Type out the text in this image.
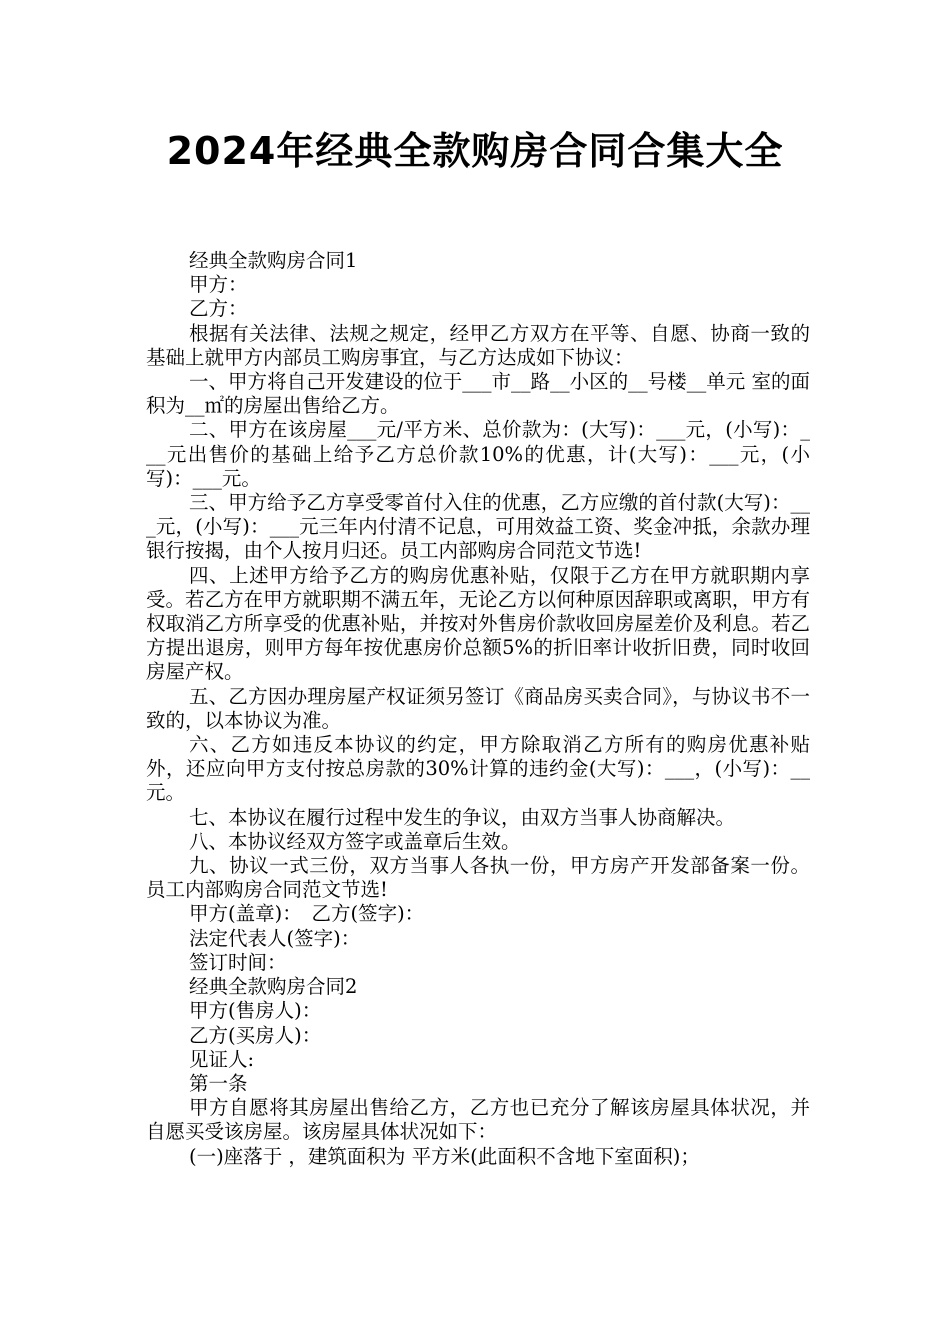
2024年经典全款购房合同合集大全

经典全款购房合同1

甲方：

乙方：

根据有关法律、法规之规定，经甲乙方双方在平等、自愿、协商一致的基础上就甲方内部员工购房事宜，与乙方达成如下协议：

一、甲方将自己开发建设的位于___市__路__小区的__号楼__单元 室的面积为__㎡的房屋出售给乙方。

二、甲方在该房屋___元/平方米、总价款为：(大写)：___元，(小写)：___元出售价的基础上给予乙方总价款10%的优惠，计(大写)：___元，(小写)：___元。

三、甲方给予乙方享受零首付入住的优惠，乙方应缴的首付款(大写)：___元，(小写)：___元三年内付清不记息，可用效益工资、奖金冲抵，余款办理银行按揭，由个人按月归还。员工内部购房合同范文节选!

四、上述甲方给予乙方的购房优惠补贴，仅限于乙方在甲方就职期内享受。若乙方在甲方就职期不满五年，无论乙方以何种原因辞职或离职，甲方有权取消乙方所享受的优惠补贴，并按对外售房价款收回房屋差价及利息。若乙方提出退房，则甲方每年按优惠房价总额5%的折旧率计收折旧费，同时收回房屋产权。

五、乙方因办理房屋产权证须另签订《商品房买卖合同》，与协议书不一致的，以本协议为准。

六、乙方如违反本协议的约定，甲方除取消乙方所有的购房优惠补贴外，还应向甲方支付按总房款的30%计算的违约金(大写)：___，(小写)：__元。

七、本协议在履行过程中发生的争议，由双方当事人协商解决。

八、本协议经双方签字或盖章后生效。

九、协议一式三份，双方当事人各执一份，甲方房产开发部备案一份。员工内部购房合同范文节选!

甲方(盖章)：　乙方(签字)：

法定代表人(签字)：

签订时间：

经典全款购房合同2

甲方(售房人)：

乙方(买房人)：

见证人:

第一条

甲方自愿将其房屋出售给乙方，乙方也已充分了解该房屋具体状况，并自愿买受该房屋。该房屋具体状况如下：

(一)座落于 ，建筑面积为 平方米(此面积不含地下室面积)；
